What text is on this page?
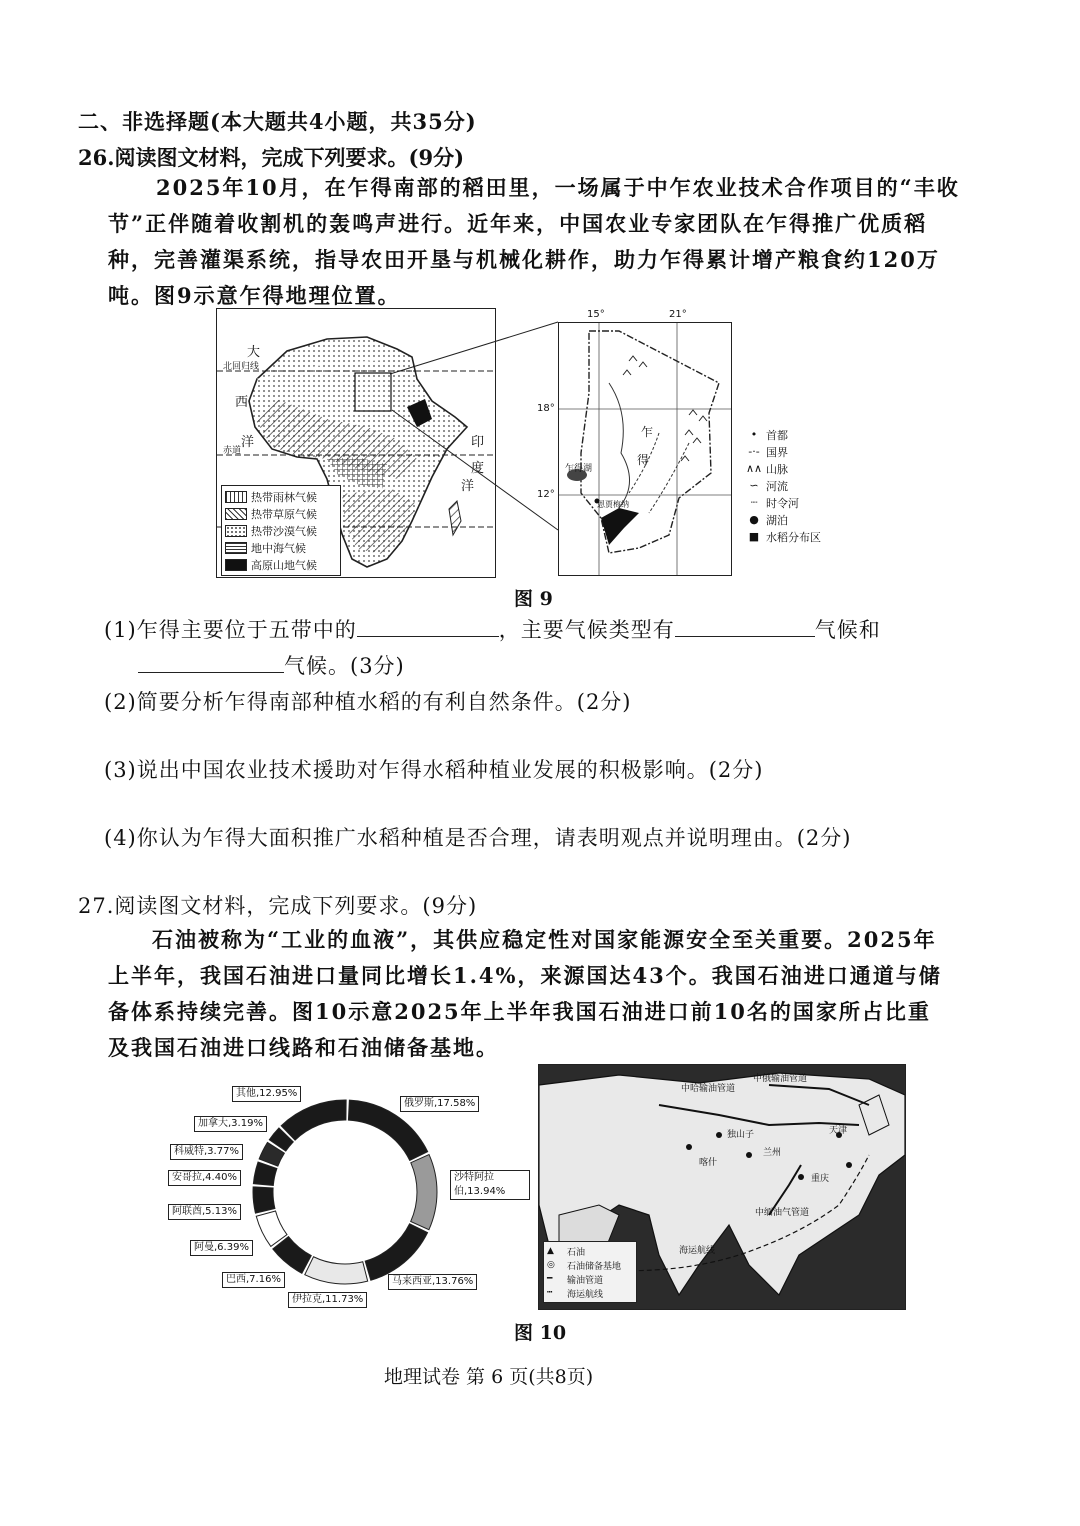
二、非选择题(本大题共4小题，共35分)
26.阅读图文材料，完成下列要求。(9分)
2025年10月，在乍得南部的稻田里，一场属于中乍农业技术合作项目的“丰收
节”正伴随着收割机的轰鸣声进行。近年来，中国农业专家团队在乍得推广优质稻
种，完善灌渠系统，指导农田开垦与机械化耕作，助力乍得累计增产粮食约120万
吨。图9示意乍得地理位置。
大
北回归线
西
洋
赤道
印
度
洋
热带雨林气候
热带草原气候
热带沙漠气候
地中海气候
高原山地气候
15°	21°
18°
12°
乍
得
乍得湖
恩贾梅纳
• 首都
-·- 国界
∧∧ 山脉
∽ 河流
┈ 时令河
● 湖泊
■ 水稻分布区
图 9
(1)乍得主要位于五带中的	，主要气候类型有	气候和
气候。(3分)
(2)简要分析乍得南部种植水稻的有利自然条件。(2分)
(3)说出中国农业技术援助对乍得水稻种植业发展的积极影响。(2分)
(4)你认为乍得大面积推广水稻种植是否合理，请表明观点并说明理由。(2分)
27.阅读图文材料，完成下列要求。(9分)
石油被称为“工业的血液”，其供应稳定性对国家能源安全至关重要。2025年
上半年，我国石油进口量同比增长1.4%，来源国达43个。我国石油进口通道与储
备体系持续完善。图10示意2025年上半年我国石油进口前10名的国家所占比重
及我国石油进口线路和石油储备基地。
其他,12.95%
俄罗斯,17.58%
加拿大,3.19%
科威特,3.77%
安哥拉,4.40%	沙特阿拉伯,13.94%
阿联酋,5.13%
阿曼,6.39%
巴西,7.16%	马来西亚,13.76%
伊拉克,11.73%
中哈输油管道
中俄输油管道
独山子
兰州
喀什
天津
重庆
中缅油气管道
海运航线
▲	石油
◎	石油储备基地
━	输油管道
┅	海运航线
图 10
地理试卷 第 6 页(共8页)
